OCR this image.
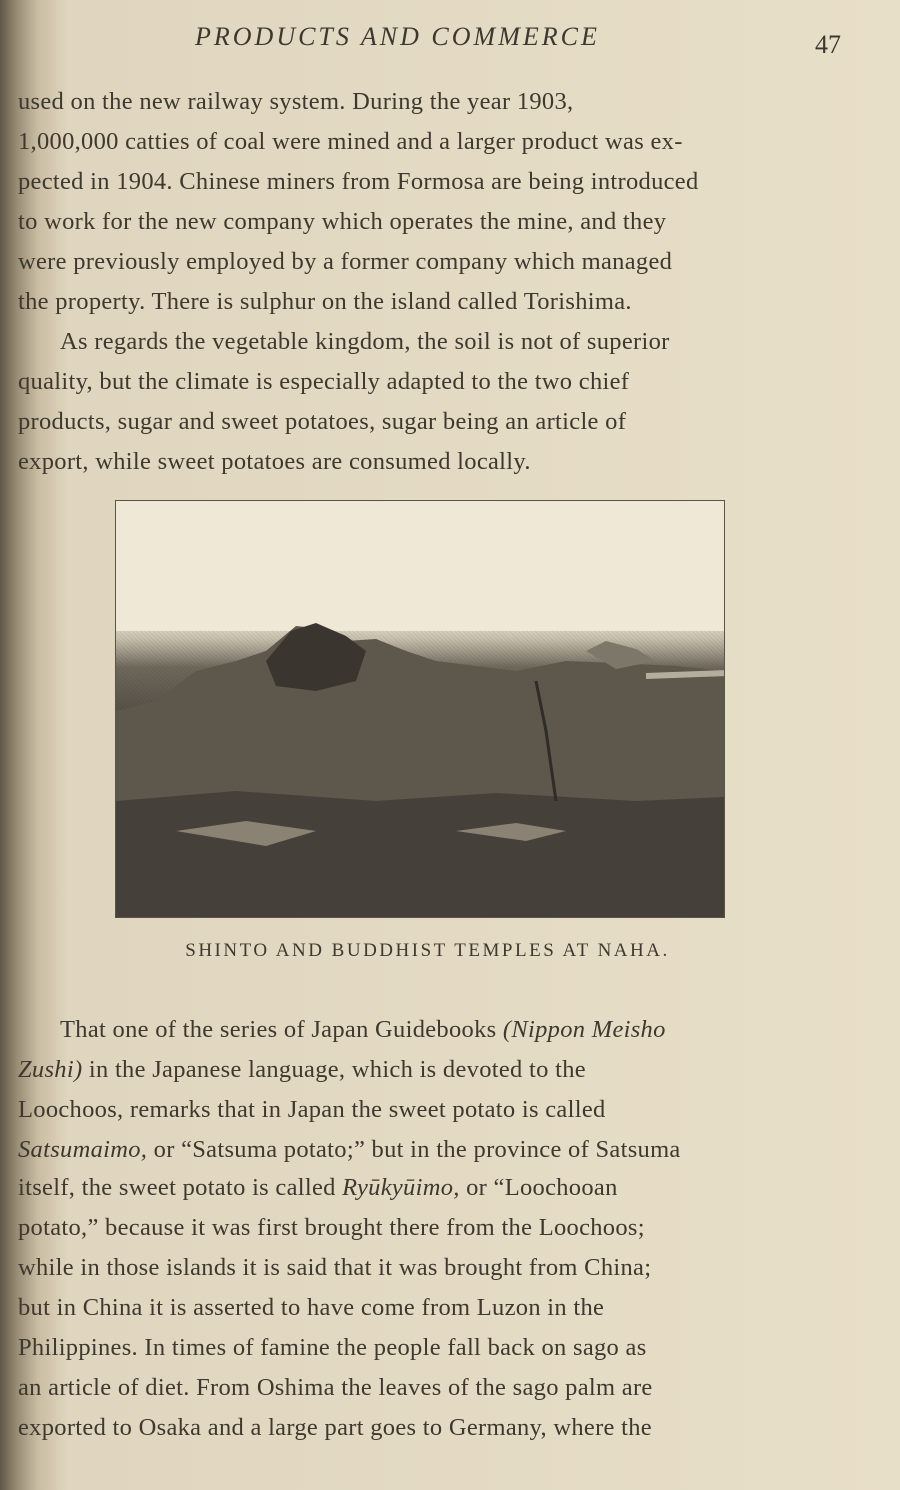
PRODUCTS AND COMMERCE	47
used on the new railway system. During the year 1903,
1,000,000 catties of coal were mined and a larger product was ex-
pected in 1904. Chinese miners from Formosa are being introduced
to work for the new company which operates the mine, and they
were previously employed by a former company which managed
the property. There is sulphur on the island called Torishima.
As regards the vegetable kingdom, the soil is not of superior
quality, but the climate is especially adapted to the two chief
products, sugar and sweet potatoes, sugar being an article of
export, while sweet potatoes are consumed locally.
SHINTO AND BUDDHIST TEMPLES AT NAHA.
That one of the series of Japan Guidebooks (Nippon Meisho
Zushi) in the Japanese language, which is devoted to the
Loochoos, remarks that in Japan the sweet potato is called
Satsumaimo, or “Satsuma potato;” but in the province of Satsuma
itself, the sweet potato is called Ryūkyūimo, or “Loochooan
potato,” because it was first brought there from the Loochoos;
while in those islands it is said that it was brought from China;
but in China it is asserted to have come from Luzon in the
Philippines. In times of famine the people fall back on sago as
an article of diet. From Oshima the leaves of the sago palm are
exported to Osaka and a large part goes to Germany, where the
